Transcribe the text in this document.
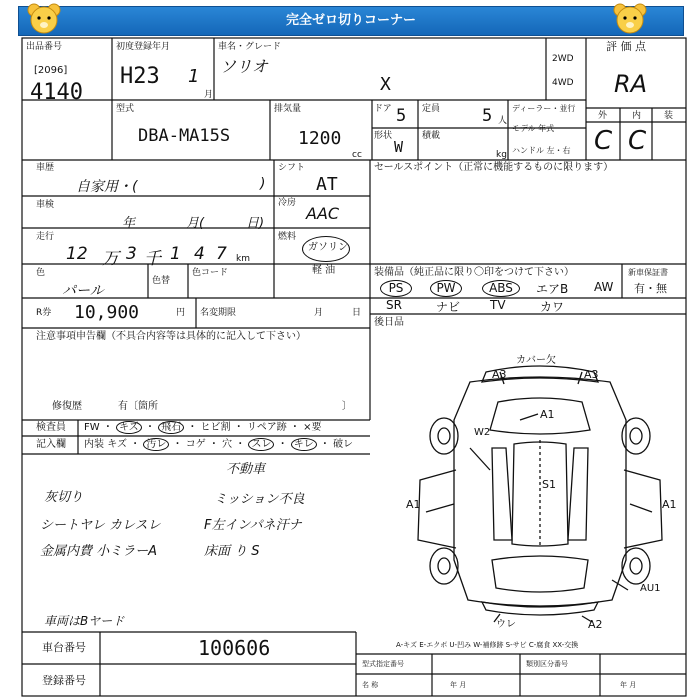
完全ゼロ切りコーナー
出品番号
[2096]
4140
初度登録年月
H23 1
月
車名・グレード
ソリオ
X
2WD
4WD
評 価 点
RA
外	内	装
C C
型式
DBA-MA15S
排気量
1200
cc
ドア 5 定員 5 人
ディーラー・並行
モデル 年式
ハンドル 左・右
形状
W
積載
kg
車歴
自家用・(	)
シフト
AT
セールスポイント（正常に機能するものに限ります）
車検
年	月(	日)
冷房
AAC
走行
12 万 3 千 1 4 7 km
燃料
ガソリン
軽 油
色
パール
色替
色コード	装備品（純正品に限り〇印をつけて下さい）
PS	PW	ABS	エアB AW
SR	ナビ TV	カワ
新車保証書
有・無
後日品
R券 10,900	円 名変期限	月	日
注意事項申告欄（不具合内容等は具体的に記入して下さい）
修復歴	有〔箇所	〕
検査員
記入欄
FW ・ キズ ・ 飛石 ・ ヒビ割 ・ リペア跡 ・ ×要
内装 キズ ・ 汚レ ・ コゲ ・ 穴 ・ スレ ・ キレ ・ 破レ
灰切り
シートヤレ カレスレ
金属内費 小ミラーA
不動車
ミッション不良
F左インパネ汗ナ
床面 り S
車両はBヤード
A3	A3
A1
W2
A1
S1
A1
AU1
A2
ウレ
カバー欠
A-キズ E-エクボ U-凹み W-補修跡 S-サビ C-腐食 XX-交換
車台番号	100606
登録番号
型式指定番号	類別区分番号
名 称	年 月	年 月
